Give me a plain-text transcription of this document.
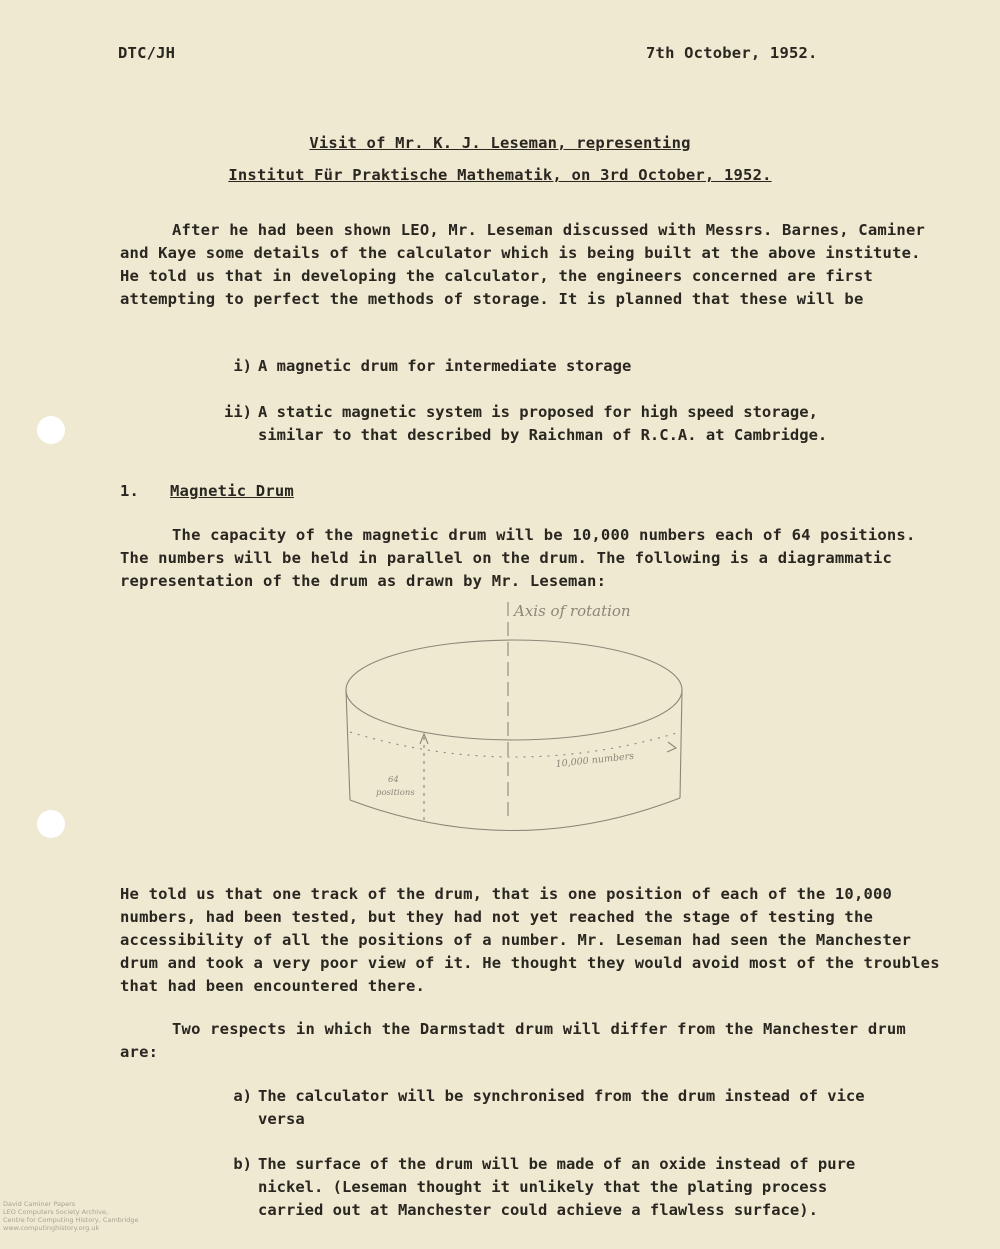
DTC/JH	7th October, 1952.
Visit of Mr. K. J. Leseman, representing
Institut Für Praktische Mathematik, on 3rd October, 1952.
After he had been shown LEO, Mr. Leseman discussed with Messrs. Barnes, Caminer and Kaye some details of the calculator which is being built at the above institute. He told us that in developing the calculator, the engineers concerned are first attempting to perfect the methods of storage. It is planned that these will be
i) A magnetic drum for intermediate storage
ii) A static magnetic system is proposed for high speed storage, similar to that described by Raichman of R.C.A. at Cambridge.
1. Magnetic Drum
The capacity of the magnetic drum will be 10,000 numbers each of 64 positions. The numbers will be held in parallel on the drum. The following is a diagrammatic representation of the drum as drawn by Mr. Leseman:
Axis of rotation
10,000 numbers
64
positions
He told us that one track of the drum, that is one position of each of the 10,000 numbers, had been tested, but they had not yet reached the stage of testing the accessibility of all the positions of a number. Mr. Leseman had seen the Manchester drum and took a very poor view of it. He thought they would avoid most of the troubles that had been encountered there.
Two respects in which the Darmstadt drum will differ from the Manchester drum are:
a) The calculator will be synchronised from the drum instead of vice versa
b) The surface of the drum will be made of an oxide instead of pure nickel. (Leseman thought it unlikely that the plating process carried out at Manchester could achieve a flawless surface).
David Caminer Papers
LEO Computers Society Archive,
Centre for Computing History, Cambridge
www.computinghistory.org.uk
